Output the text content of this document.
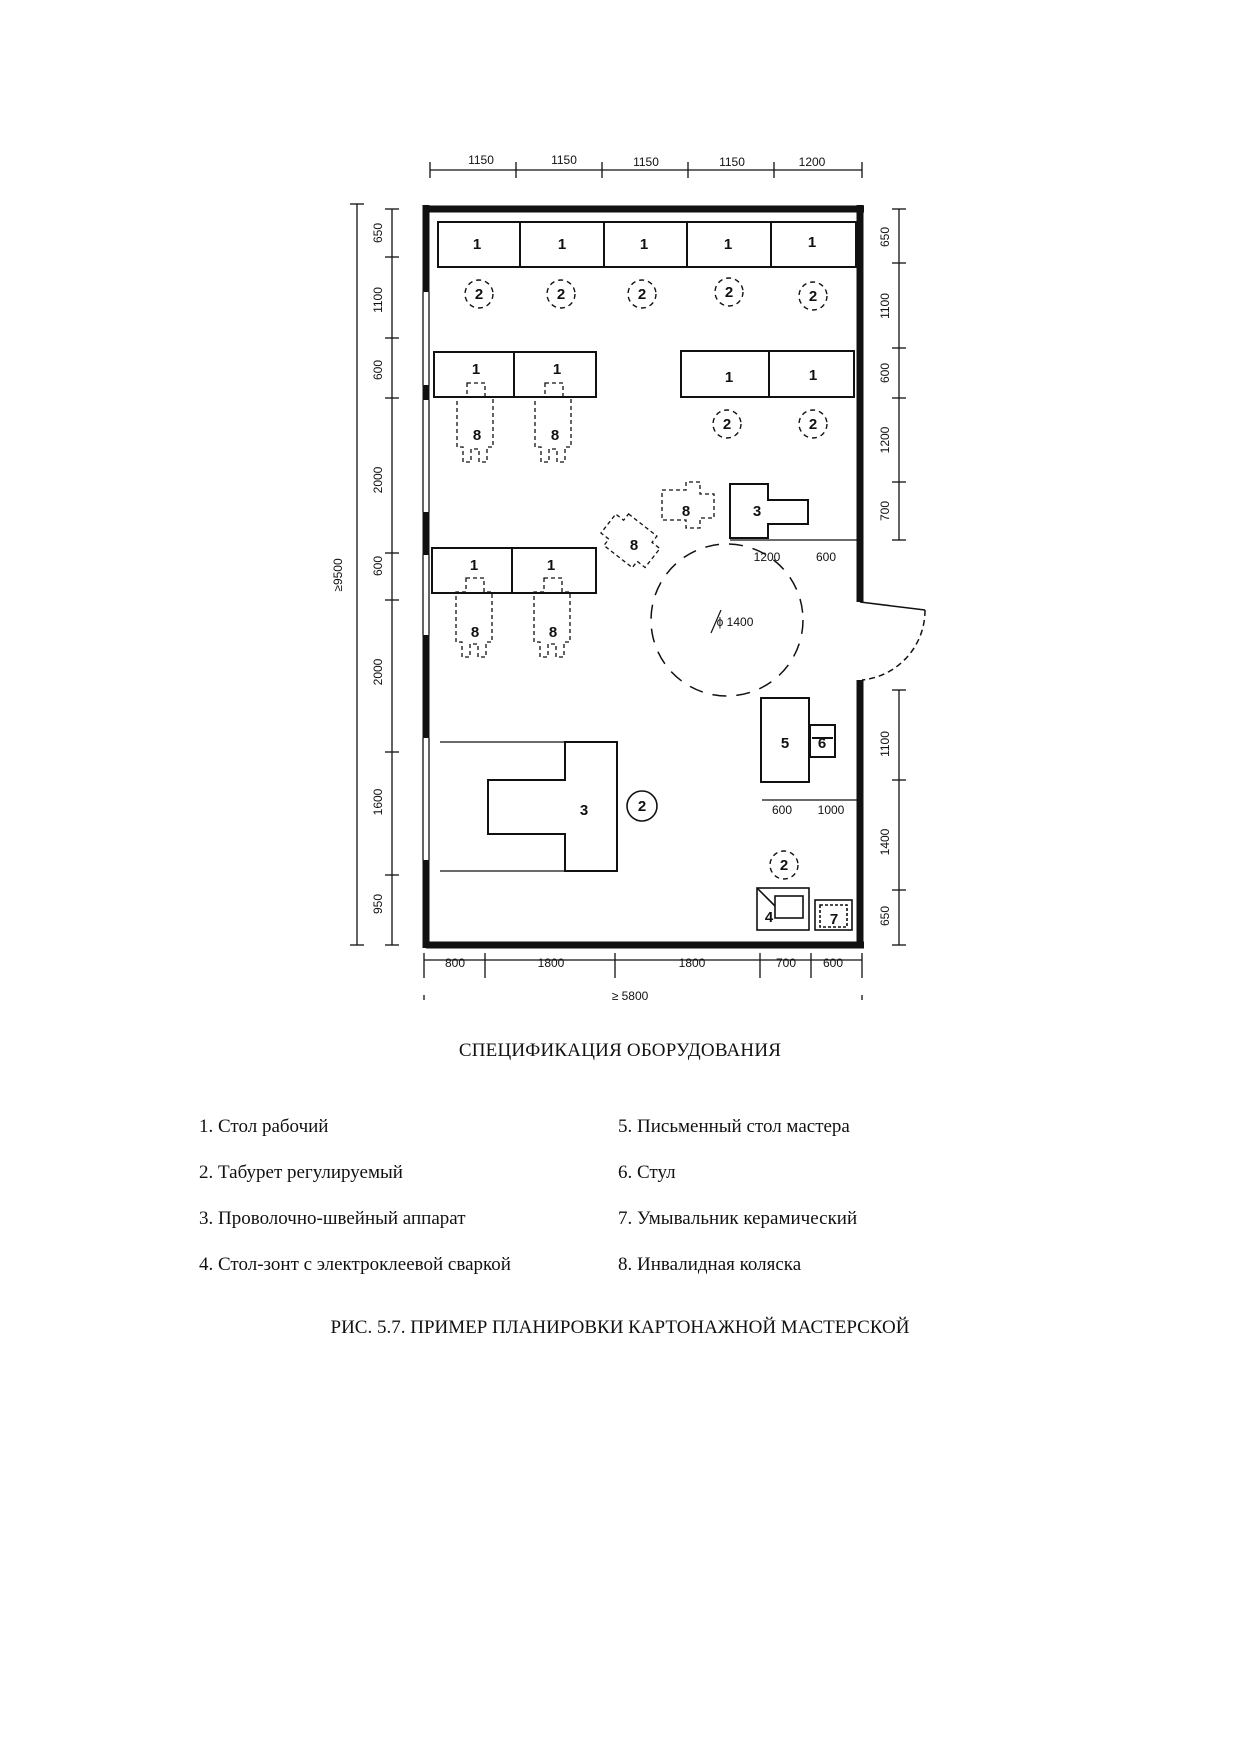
1150	1150	1150	1150	1200
800	1800	1800	700 600
≥ 5800
1200	600
600 1000
ϕ 1400
≥9500
650
1100
600
2000
600
2000
1600
950
650
1100
600
1200
700
1100
1400
650
1	1	1	1	1
1	1	1	1
1	1
2	2	2	2	2
2	2
2
2
8	8
8	8
8
8
3
3
5 6
4	7
СПЕЦИФИКАЦИЯ ОБОРУДОВАНИЯ
1. Стол рабочий
2. Табурет регулируемый
3. Проволочно-швейный аппарат
4. Стол-зонт с электроклеевой сваркой
5. Письменный стол мастера
6. Стул
7. Умывальник керамический
8. Инвалидная коляска
РИС. 5.7. ПРИМЕР ПЛАНИРОВКИ КАРТОНАЖНОЙ МАСТЕРСКОЙ
